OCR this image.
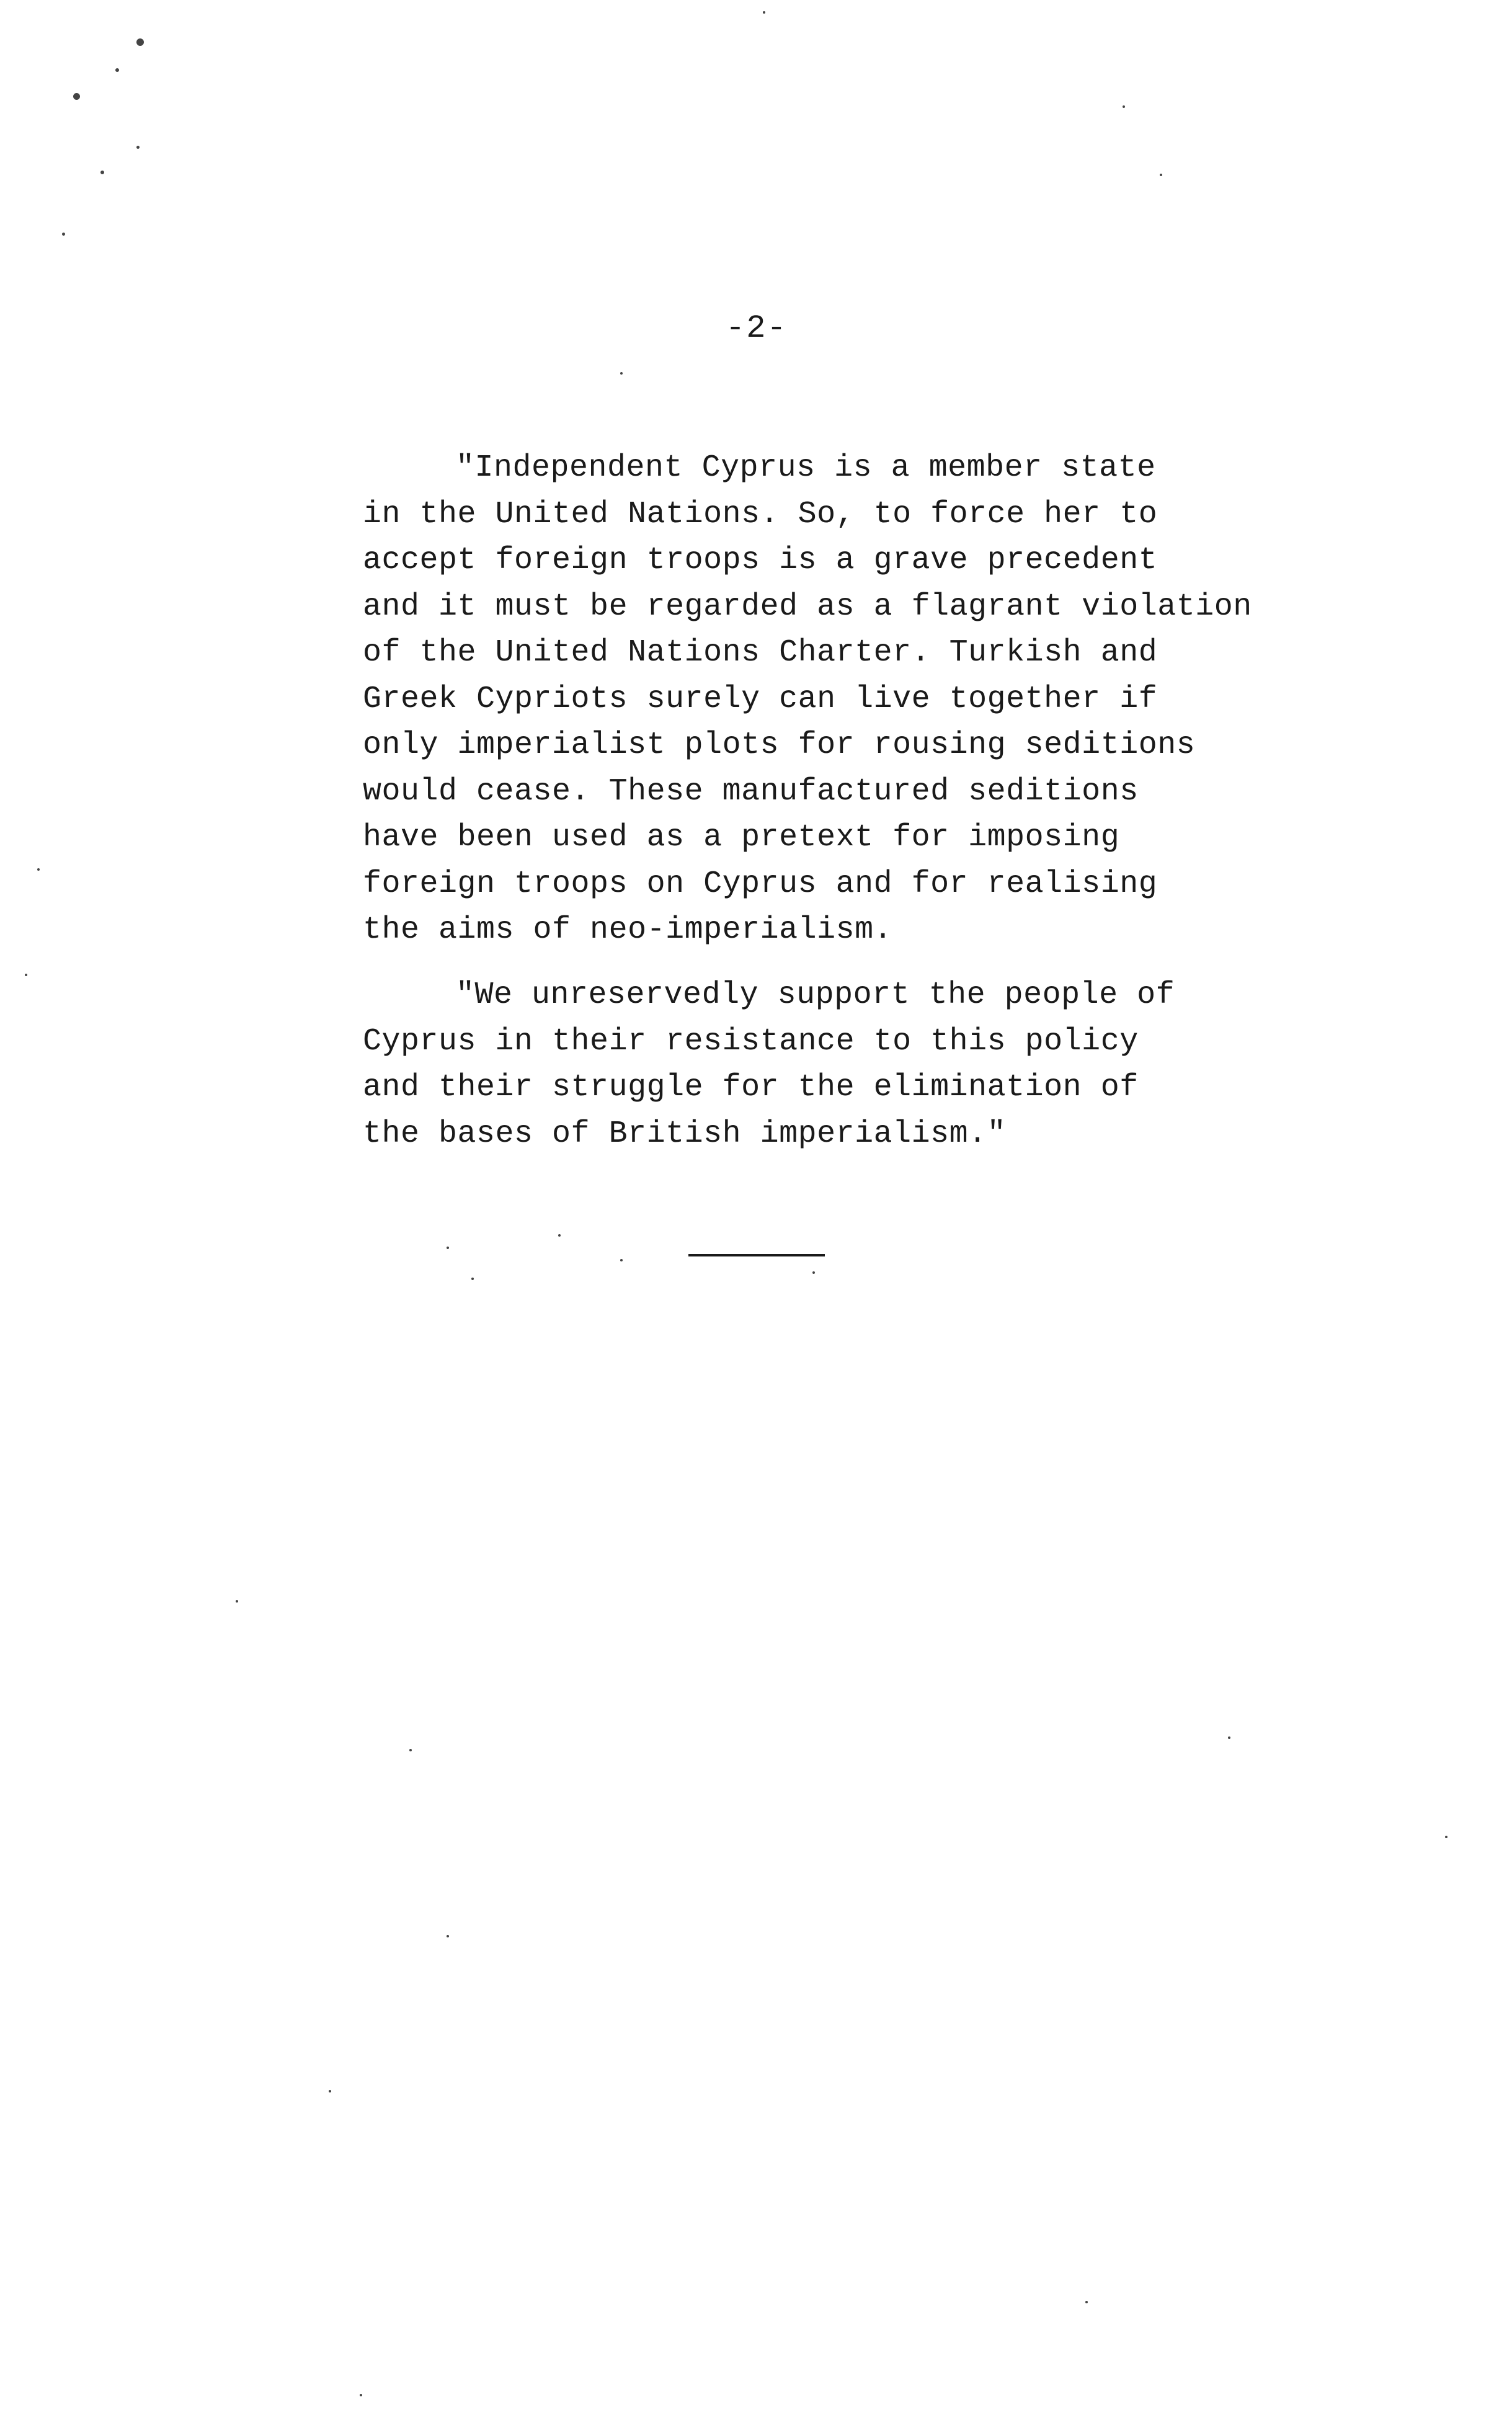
-2-
"Independent Cyprus is a member state
in the United Nations. So, to force her to
accept foreign troops is a grave precedent
and it must be regarded as a flagrant violation
of the United Nations Charter. Turkish and
Greek Cypriots surely can live together if
only imperialist plots for rousing seditions
would cease. These manufactured seditions
have been used as a pretext for imposing
foreign troops on Cyprus and for realising
the aims of neo-imperialism.
"We unreservedly support the people of
Cyprus in their resistance to this policy
and their struggle for the elimination of
the bases of British imperialism."
